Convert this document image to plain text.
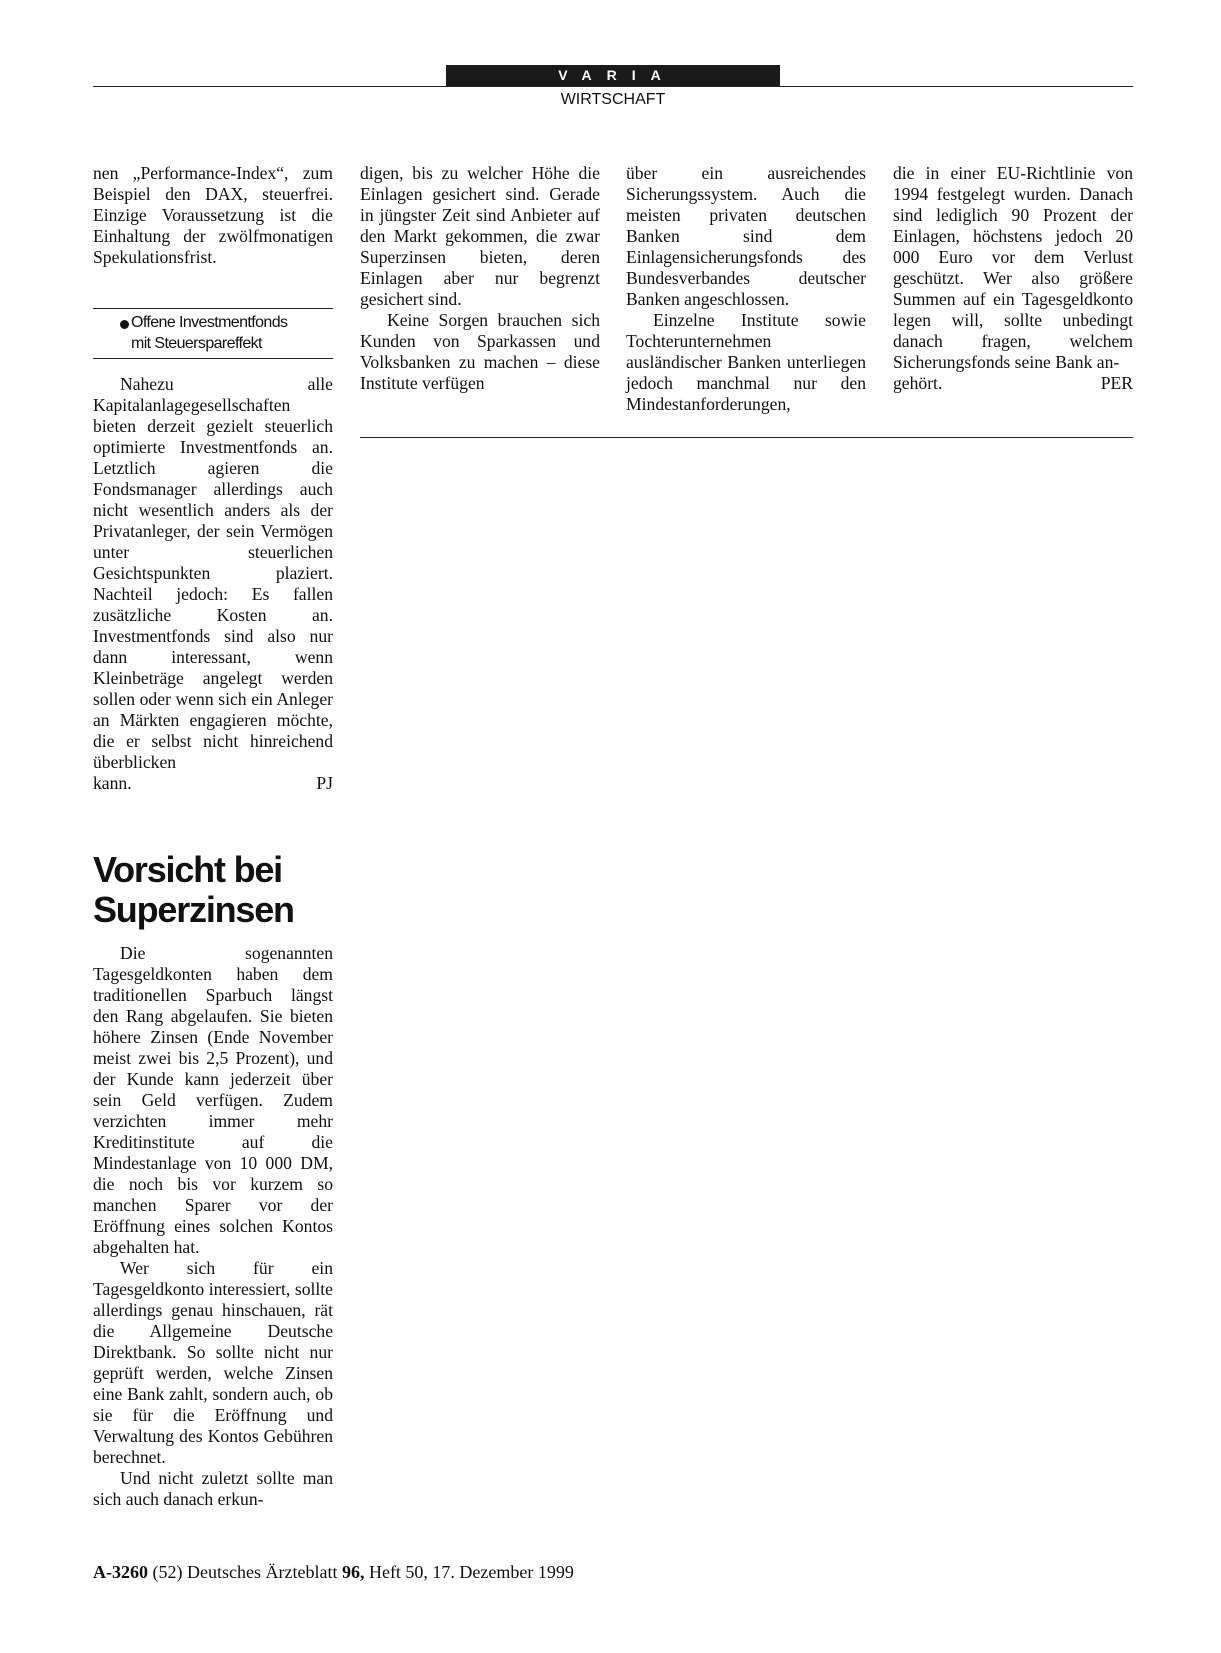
VARIA
WIRTSCHAFT

nen „Performance-Index“, zum Beispiel den DAX, steuerfrei. Einzige Voraussetzung ist die Einhaltung der zwölfmonatigen Spekulationsfrist.

Offene Investmentfonds
mit Steuerspareffekt

Nahezu alle Kapitalanlagegesellschaften bieten derzeit gezielt steuerlich optimierte Investmentfonds an. Letztlich agieren die Fondsmanager allerdings auch nicht wesentlich anders als der Privatanleger, der sein Vermögen unter steuerlichen Gesichtspunkten plaziert. Nachteil jedoch: Es fallen zusätzliche Kosten an. Investmentfonds sind also nur dann interessant, wenn Kleinbeträge angelegt werden sollen oder wenn sich ein Anleger an Märkten engagieren möchte, die er selbst nicht hinreichend überblicken

kann.	PJ

Vorsicht bei
Superzinsen

Die sogenannten Tagesgeldkonten haben dem traditionellen Sparbuch längst den Rang abgelaufen. Sie bieten höhere Zinsen (Ende November meist zwei bis 2,5 Prozent), und der Kunde kann jederzeit über sein Geld verfügen. Zudem verzichten immer mehr Kreditinstitute auf die Mindestanlage von 10 000 DM, die noch bis vor kurzem so manchen Sparer vor der Eröffnung eines solchen Kontos abgehalten hat.

Wer sich für ein Tagesgeldkonto interessiert, sollte allerdings genau hinschauen, rät die Allgemeine Deutsche Direktbank. So sollte nicht nur geprüft werden, welche Zinsen eine Bank zahlt, sondern auch, ob sie für die Eröffnung und Verwaltung des Kontos Gebühren berechnet.

Und nicht zuletzt sollte man sich auch danach erkun-

digen, bis zu welcher Höhe die Einlagen gesichert sind. Gerade in jüngster Zeit sind Anbieter auf den Markt gekommen, die zwar Superzinsen bieten, deren Einlagen aber nur begrenzt gesichert sind.

Keine Sorgen brauchen sich Kunden von Sparkassen und Volksbanken zu machen – diese Institute verfügen

über ein ausreichendes Sicherungssystem. Auch die meisten privaten deutschen Banken sind dem Einlagensicherungsfonds des Bundesverbandes deutscher Banken angeschlossen.

Einzelne Institute sowie Tochterunternehmen ausländischer Banken unterliegen jedoch manchmal nur den Mindestanforderungen,

die in einer EU-Richtlinie von 1994 festgelegt wurden. Danach sind lediglich 90 Prozent der Einlagen, höchstens jedoch 20 000 Euro vor dem Verlust geschützt. Wer also größere Summen auf ein Tagesgeldkonto legen will, sollte unbedingt danach fragen, welchem Sicherungsfonds seine Bank an-

gehört.	PER

A-3260 (52) Deutsches Ärzteblatt 96, Heft 50, 17. Dezember 1999
